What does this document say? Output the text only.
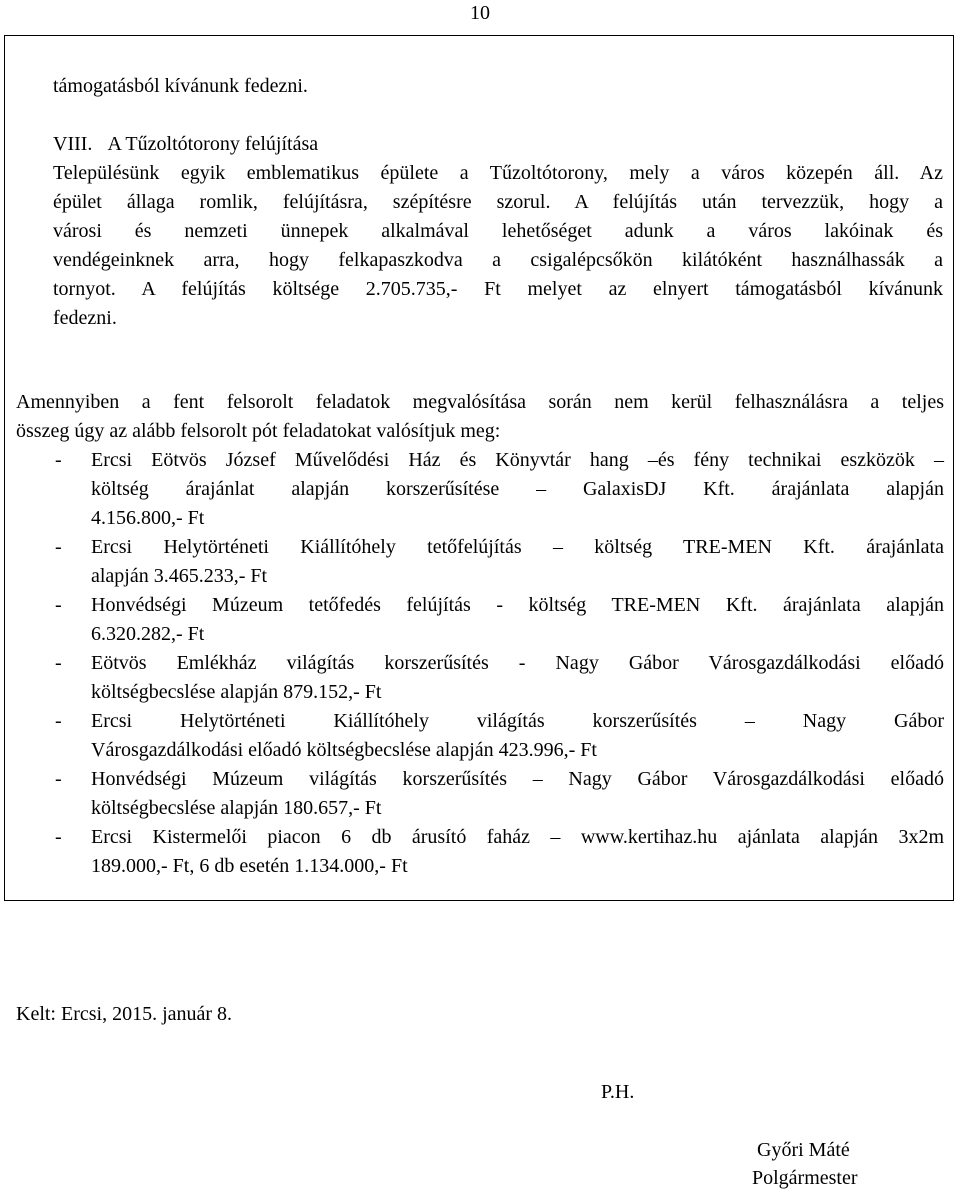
10
támogatásból kívánunk fedezni.
VIII. A Tűzoltótorony felújítása
Településünk egyik emblematikus épülete a Tűzoltótorony, mely a város közepén áll. Az
épület állaga romlik, felújításra, szépítésre szorul. A felújítás után tervezzük, hogy a
városi és nemzeti ünnepek alkalmával lehetőséget adunk a város lakóinak és
vendégeinknek arra, hogy felkapaszkodva a csigalépcsőkön kilátóként használhassák a
tornyot. A felújítás költsége 2.705.735,- Ft melyet az elnyert támogatásból kívánunk
fedezni.
Amennyiben a fent felsorolt feladatok megvalósítása során nem kerül felhasználásra a teljes
összeg úgy az alább felsorolt pót feladatokat valósítjuk meg:
-	Ercsi Eötvös József Művelődési Ház és Könyvtár hang –és fény technikai eszközök –
költség árajánlat alapján korszerűsítése – GalaxisDJ Kft. árajánlata alapján
4.156.800,- Ft
-	Ercsi Helytörténeti Kiállítóhely tetőfelújítás – költség TRE-MEN Kft. árajánlata
alapján 3.465.233,- Ft
-	Honvédségi Múzeum tetőfedés felújítás - költség TRE-MEN Kft. árajánlata alapján
6.320.282,- Ft
-	Eötvös Emlékház világítás korszerűsítés - Nagy Gábor Városgazdálkodási előadó
költségbecslése alapján 879.152,- Ft
-	Ercsi Helytörténeti Kiállítóhely világítás korszerűsítés – Nagy Gábor
Városgazdálkodási előadó költségbecslése alapján 423.996,- Ft
-	Honvédségi Múzeum világítás korszerűsítés – Nagy Gábor Városgazdálkodási előadó
költségbecslése alapján 180.657,- Ft
-	Ercsi Kistermelői piacon 6 db árusító faház – www.kertihaz.hu ajánlata alapján 3x2m
189.000,- Ft, 6 db esetén 1.134.000,- Ft
Kelt: Ercsi, 2015. január 8.
P.H.
Győri Máté
Polgármester
